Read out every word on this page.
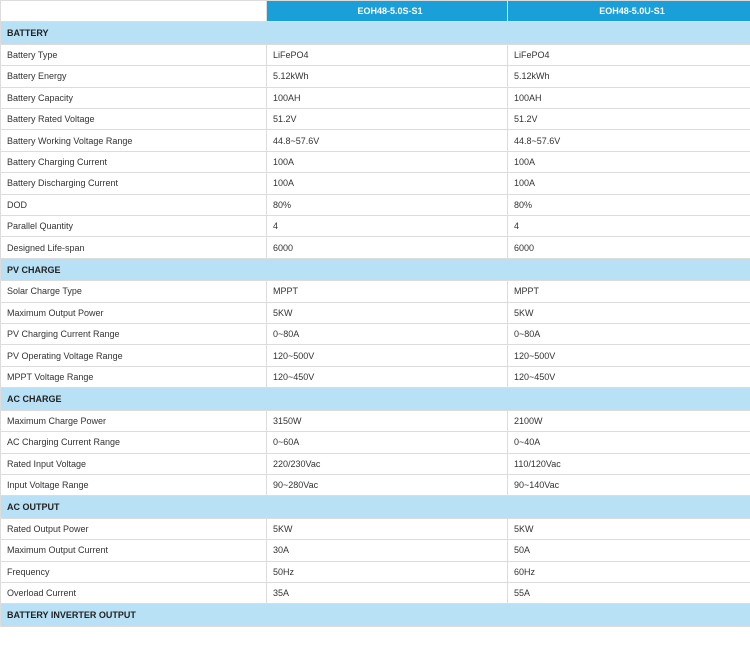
	EOH48-5.0S-S1	EOH48-5.0U-S1
BATTERY		
Battery Type	LiFePO4	LiFePO4
Battery Energy	5.12kWh	5.12kWh
Battery Capacity	100AH	100AH
Battery Rated Voltage	51.2V	51.2V
Battery Working Voltage Range	44.8~57.6V	44.8~57.6V
Battery Charging Current	100A	100A
Battery Discharging Current	100A	100A
DOD	80%	80%
Parallel Quantity	4	4
Designed Life-span	6000	6000
PV CHARGE		
Solar Charge Type	MPPT	MPPT
Maximum Output Power	5KW	5KW
PV Charging Current Range	0~80A	0~80A
PV Operating Voltage Range	120~500V	120~500V
MPPT Voltage Range	120~450V	120~450V
AC CHARGE		
Maximum Charge Power	3150W	2100W
AC Charging Current Range	0~60A	0~40A
Rated Input Voltage	220/230Vac	110/120Vac
Input Voltage Range	90~280Vac	90~140Vac
AC OUTPUT		
Rated Output Power	5KW	5KW
Maximum Output Current	30A	50A
Frequency	50Hz	60Hz
Overload Current	35A	55A
BATTERY INVERTER OUTPUT		
